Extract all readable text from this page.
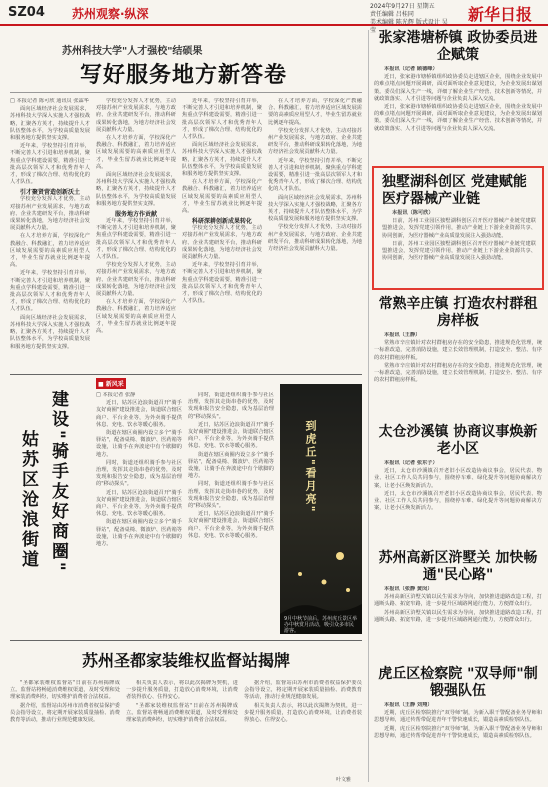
SZ04 苏州观察·纵深
2024年9月27日 星期五
责任编辑 吕桂同
美术编辑 陈光辉 版式设计 吴莹
新华日报
苏州科技大学"人才强校"结硕果
写好服务地方新答卷

□ 本报记者 陈可欣 通讯员 张霖华

面向区域经济社会发展需求，苏州科技大学深入实施人才强校战略，汇聚各方英才，持续提升人才队伍整体水平，为学校高质量发展和服务地方提供坚实支撑。

近年来，学校坚持引育并举，不断完善人才引进和培养机制，聚焦重点学科建设需要，精准引进一批高层次领军人才和优秀青年人才，形成了梯次合理、结构优化的人才队伍。

引才聚贤营造创新沃土

学校充分发挥人才优势，主动对接苏州产业发展需求，与地方政府、企业共建研发平台，推动科研成果转化落地，为地方经济社会发展贡献科大力量。

在人才培养方面，学校深化产教融合、科教融汇，着力培养适应区域发展需要的高素质应用型人才，毕业生留苏就业比例逐年提高。

近年来，学校坚持引育并举，不断完善人才引进和培养机制，聚焦重点学科建设需要，精准引进一批高层次领军人才和优秀青年人才，形成了梯次合理、结构优化的人才队伍。

面向区域经济社会发展需求，苏州科技大学深入实施人才强校战略，汇聚各方英才，持续提升人才队伍整体水平，为学校高质量发展和服务地方提供坚实支撑。

学校充分发挥人才优势，主动对接苏州产业发展需求，与地方政府、企业共建研发平台，推动科研成果转化落地，为地方经济社会发展贡献科大力量。

在人才培养方面，学校深化产教融合、科教融汇，着力培养适应区域发展需要的高素质应用型人才，毕业生留苏就业比例逐年提高。

面向区域经济社会发展需求，苏州科技大学深入实施人才强校战略，汇聚各方英才，持续提升人才队伍整体水平，为学校高质量发展和服务地方提供坚实支撑。

服务地方作贡献

近年来，学校坚持引育并举，不断完善人才引进和培养机制，聚焦重点学科建设需要，精准引进一批高层次领军人才和优秀青年人才，形成了梯次合理、结构优化的人才队伍。

学校充分发挥人才优势，主动对接苏州产业发展需求，与地方政府、企业共建研发平台，推动科研成果转化落地，为地方经济社会发展贡献科大力量。

在人才培养方面，学校深化产教融合、科教融汇，着力培养适应区域发展需要的高素质应用型人才，毕业生留苏就业比例逐年提高。

近年来，学校坚持引育并举，不断完善人才引进和培养机制，聚焦重点学科建设需要，精准引进一批高层次领军人才和优秀青年人才，形成了梯次合理、结构优化的人才队伍。

面向区域经济社会发展需求，苏州科技大学深入实施人才强校战略，汇聚各方英才，持续提升人才队伍整体水平，为学校高质量发展和服务地方提供坚实支撑。

在人才培养方面，学校深化产教融合、科教融汇，着力培养适应区域发展需要的高素质应用型人才，毕业生留苏就业比例逐年提高。

科研深耕创新成果转化

学校充分发挥人才优势，主动对接苏州产业发展需求，与地方政府、企业共建研发平台，推动科研成果转化落地，为地方经济社会发展贡献科大力量。

近年来，学校坚持引育并举，不断完善人才引进和培养机制，聚焦重点学科建设需要，精准引进一批高层次领军人才和优秀青年人才，形成了梯次合理、结构优化的人才队伍。

在人才培养方面，学校深化产教融合、科教融汇，着力培养适应区域发展需要的高素质应用型人才，毕业生留苏就业比例逐年提高。

学校充分发挥人才优势，主动对接苏州产业发展需求，与地方政府、企业共建研发平台，推动科研成果转化落地，为地方经济社会发展贡献科大力量。

近年来，学校坚持引育并举，不断完善人才引进和培养机制，聚焦重点学科建设需要，精准引进一批高层次领军人才和优秀青年人才，形成了梯次合理、结构优化的人才队伍。

面向区域经济社会发展需求，苏州科技大学深入实施人才强校战略，汇聚各方英才，持续提升人才队伍整体水平，为学校高质量发展和服务地方提供坚实支撑。

学校充分发挥人才优势，主动对接苏州产业发展需求，与地方政府、企业共建研发平台，推动科研成果转化落地，为地方经济社会发展贡献科大力量。

■ 新风采
姑苏区沧浪街道 建设"骑手友好商圈"	□ 本报记者 张静

近日，姑苏区沧浪街道召开"骑手友好商圈"建设推进会，街道联合辖区商户、平台企业等，为外卖骑手提供休息、充电、饮水等暖心服务。

街道在辖区商圈内设立多个"骑手驿站"，配备桌椅、微波炉、医药箱等设施，让骑手在奔波途中有个歇脚的地方。

同时，街道还组织骑手参与社区治理，发挥其走街串巷的优势，及时发现和报告安全隐患，成为基层治理的"移动探头"。

近日，姑苏区沧浪街道召开"骑手友好商圈"建设推进会，街道联合辖区商户、平台企业等，为外卖骑手提供休息、充电、饮水等暖心服务。

街道在辖区商圈内设立多个"骑手驿站"，配备桌椅、微波炉、医药箱等设施，让骑手在奔波途中有个歇脚的地方。

同时，街道还组织骑手参与社区治理，发挥其走街串巷的优势，及时发现和报告安全隐患，成为基层治理的"移动探头"。

近日，姑苏区沧浪街道召开"骑手友好商圈"建设推进会，街道联合辖区商户、平台企业等，为外卖骑手提供休息、充电、饮水等暖心服务。

街道在辖区商圈内设立多个"骑手驿站"，配备桌椅、微波炉、医药箱等设施，让骑手在奔波途中有个歇脚的地方。

同时，街道还组织骑手参与社区治理，发挥其走街串巷的优势，及时发现和报告安全隐患，成为基层治理的"移动探头"。

近日，姑苏区沧浪街道召开"骑手友好商圈"建设推进会，街道联合辖区商户、平台企业等，为外卖骑手提供休息、充电、饮水等暖心服务。

到虎丘"看月亮"
9月中秋节前后，苏州虎丘景区举办中秋赏月活动，吸引众多市民游客。
苏州圣都家装维权监督站揭牌

"圣都家装维权监督站"日前在苏州揭牌成立。监督站将畅通消费维权渠道，及时受理和处理家装消费纠纷，切实维护消费者合法权益。

据介绍，监督站由苏州市消费者权益保护委员会指导设立，将定期开展家装质量抽检、消费教育等活动，推动行业规范健康发展。

相关负责人表示，将以此次揭牌为契机，进一步提升服务质量，打造放心消费环境，让消费者装得放心、住得安心。

"圣都家装维权监督站"日前在苏州揭牌成立。监督站将畅通消费维权渠道，及时受理和处理家装消费纠纷，切实维护消费者合法权益。

据介绍，监督站由苏州市消费者权益保护委员会指导设立，将定期开展家装质量抽检、消费教育等活动，推动行业规范健康发展。

相关负责人表示，将以此次揭牌为契机，进一步提升服务质量，打造放心消费环境，让消费者装得放心、住得安心。

叶文雅
张家港塘桥镇 政协委员进企赋策

本报讯（记者 顾德峰）

近日，张家港市塘桥镇组织政协委员走进辖区企业，围绕企业发展中的难点堵点问题开展调研，面对面听取企业意见建议，为企业发展出谋划策。委员们深入生产一线，详细了解企业生产经营、技术创新等情况，并就政策落实、人才引进等问题与企业负责人深入交流。

近日，张家港市塘桥镇组织政协委员走进辖区企业，围绕企业发展中的难点堵点问题开展调研，面对面听取企业意见建议，为企业发展出谋划策。委员们深入生产一线，详细了解企业生产经营、技术创新等情况，并就政策落实、人才引进等问题与企业负责人深入交流。

独墅湖科创区 党建赋能医疗器械产业链

本报讯（陈可欣）

日前，苏州工业园区独墅湖科创区召开医疗器械产业链党建联盟推进会，发挥党建引领作用，推动产业链上下游企业资源共享、协同创新，为医疗器械产业高质量发展注入强劲动能。

日前，苏州工业园区独墅湖科创区召开医疗器械产业链党建联盟推进会，发挥党建引领作用，推动产业链上下游企业资源共享、协同创新，为医疗器械产业高质量发展注入强劲动能。

常熟辛庄镇 打造农村群租房样板

本报讯（王静）

常熟市辛庄镇针对农村群租房存在的安全隐患，推进规范化管理，统一标准改造，完善消防设施，建立长效管理机制，打造安全、整洁、有序的农村群租房样板。

常熟市辛庄镇针对农村群租房存在的安全隐患，推进规范化管理，统一标准改造，完善消防设施，建立长效管理机制，打造安全、整洁、有序的农村群租房样板。

太仓沙溪镇 协商议事焕新老小区

本报讯（记者 张东子）

近日，太仓市沙溪镇召开老旧小区改造协商议事会，居民代表、物业、社区工作人员共同参与，围绕停车难、绿化提升等问题协商解决方案，让老小区焕发新活力。

近日，太仓市沙溪镇召开老旧小区改造协商议事会，居民代表、物业、社区工作人员共同参与，围绕停车难、绿化提升等问题协商解决方案，让老小区焕发新活力。

苏州高新区浒墅关 加快畅通"民心路"

本报讯（张静 黄闵）

苏州高新区浒墅关镇以民生需求为导向，加快推进道路改造工程，打通断头路、拓宽窄路，进一步提升区域路网通行能力，方便群众出行。

苏州高新区浒墅关镇以民生需求为导向，加快推进道路改造工程，打通断头路、拓宽窄路，进一步提升区域路网通行能力，方便群众出行。

虎丘区检察院 "双导师"制锻强队伍

本报讯（王静 刘翔）

近期，虎丘区检察院推行"双导师"制，为新入职干警配备业务导师和思想导师，通过传帮带促进青年干警快速成长，锻造高素质检察队伍。

近期，虎丘区检察院推行"双导师"制，为新入职干警配备业务导师和思想导师，通过传帮带促进青年干警快速成长，锻造高素质检察队伍。
